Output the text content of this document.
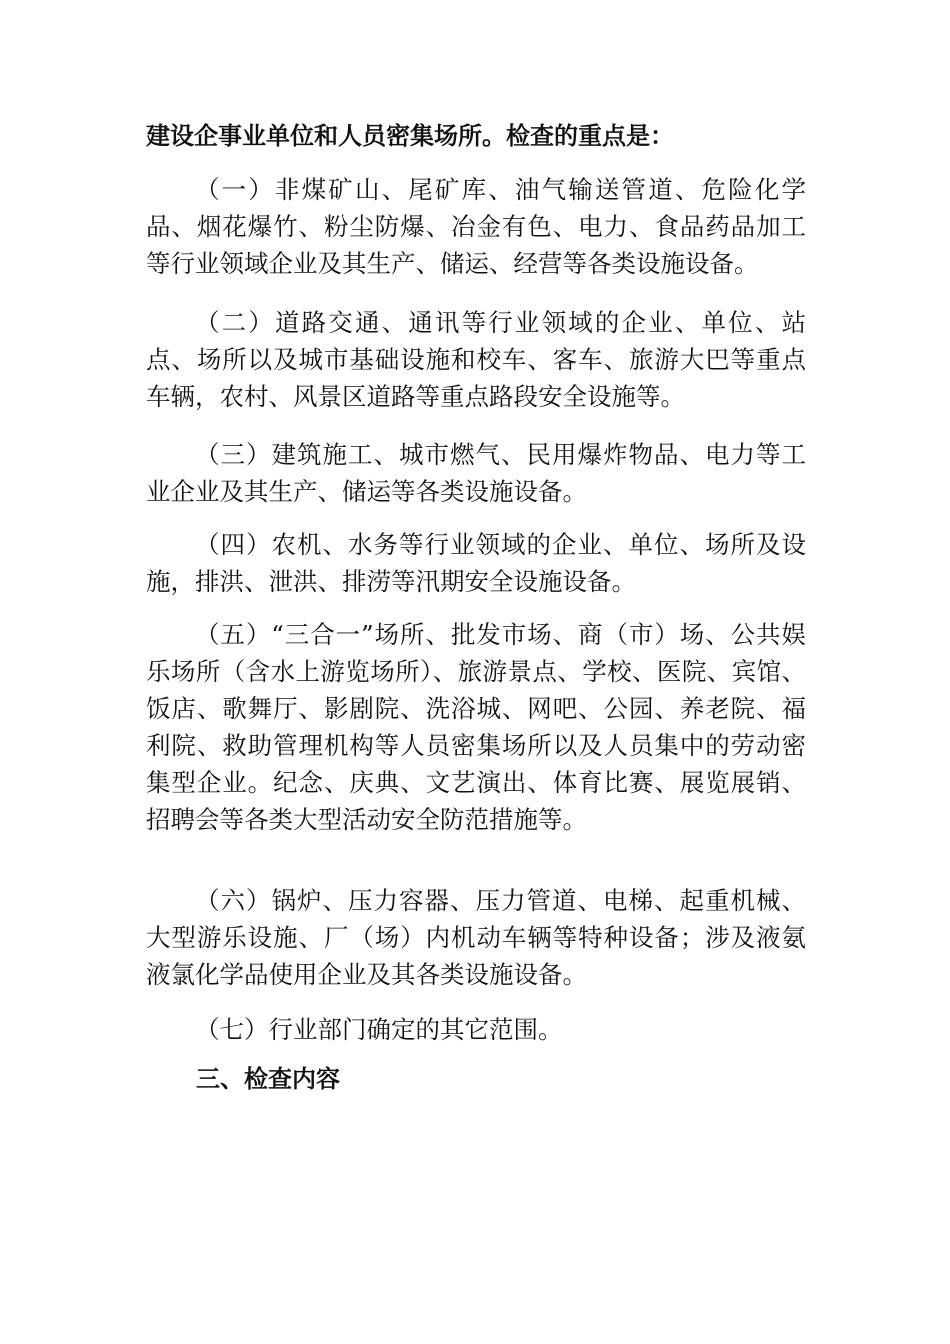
建设企事业单位和人员密集场所。检查的重点是：

（一）非煤矿山、尾矿库、油气输送管道、危险化学品、烟花爆竹、粉尘防爆、冶金有色、电力、食品药品加工等行业领域企业及其生产、储运、经营等各类设施设备。

（二）道路交通、通讯等行业领域的企业、单位、站点、场所以及城市基础设施和校车、客车、旅游大巴等重点车辆，农村、风景区道路等重点路段安全设施等。

（三）建筑施工、城市燃气、民用爆炸物品、电力等工业企业及其生产、储运等各类设施设备。

（四）农机、水务等行业领域的企业、单位、场所及设施，排洪、泄洪、排涝等汛期安全设施设备。

（五）“三合一”场所、批发市场、商（市）场、公共娱乐场所（含水上游览场所）、旅游景点、学校、医院、宾馆、饭店、歌舞厅、影剧院、洗浴城、网吧、公园、养老院、福利院、救助管理机构等人员密集场所以及人员集中的劳动密集型企业。纪念、庆典、文艺演出、体育比赛、展览展销、招聘会等各类大型活动安全防范措施等。

（六）锅炉、压力容器、压力管道、电梯、起重机械、大型游乐设施、厂（场）内机动车辆等特种设备；涉及液氨液氯化学品使用企业及其各类设施设备。

（七）行业部门确定的其它范围。

三、检查内容
